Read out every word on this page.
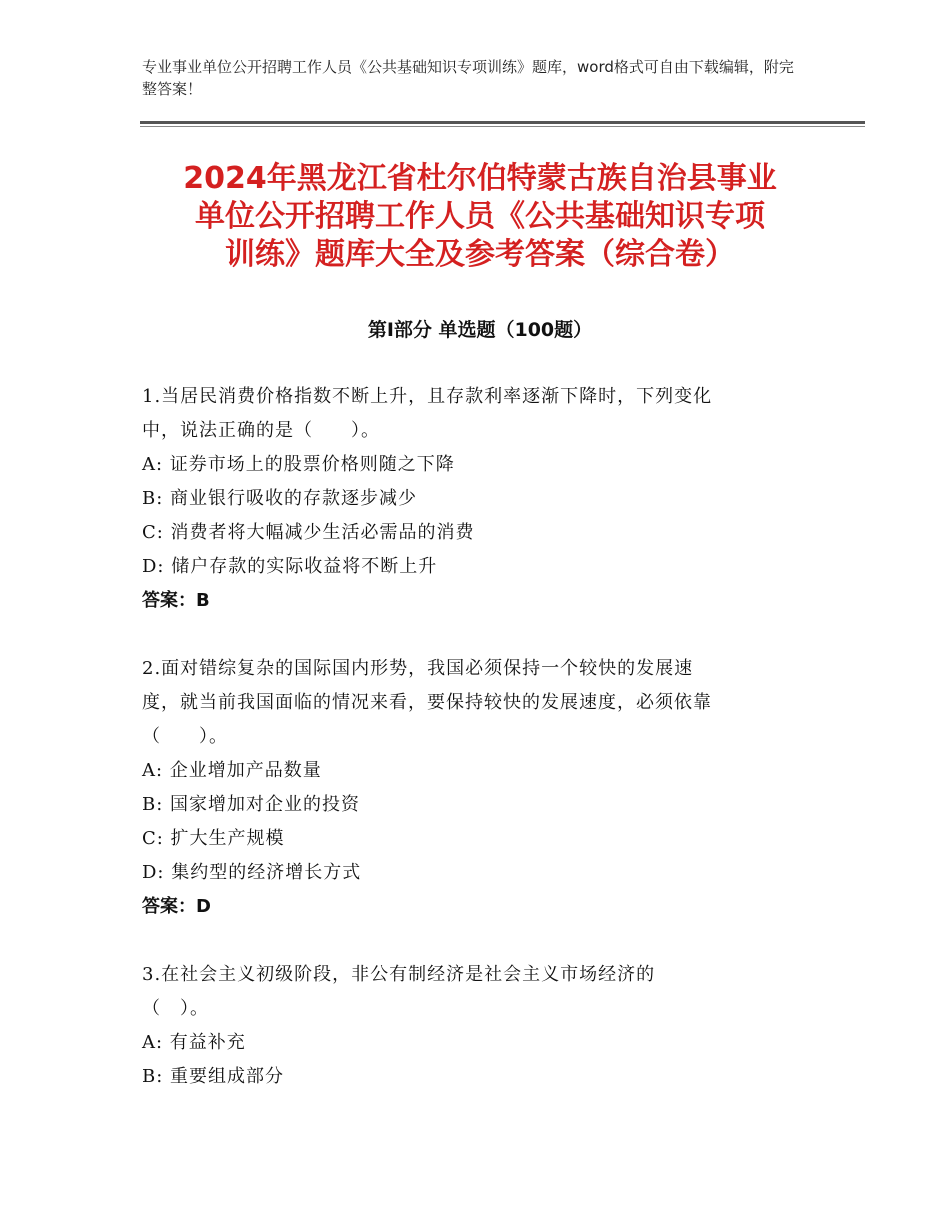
专业事业单位公开招聘工作人员《公共基础知识专项训练》题库，word格式可自由下载编辑，附完整答案！
2024年黑龙江省杜尔伯特蒙古族自治县事业
单位公开招聘工作人员《公共基础知识专项
训练》题库大全及参考答案（综合卷）
第Ⅰ部分 单选题（100题）
1.当居民消费价格指数不断上升，且存款利率逐渐下降时，下列变化
中，说法正确的是（　　）。
A: 证券市场上的股票价格则随之下降
B: 商业银行吸收的存款逐步减少
C: 消费者将大幅减少生活必需品的消费
D: 储户存款的实际收益将不断上升
答案：B
2.面对错综复杂的国际国内形势，我国必须保持一个较快的发展速
度，就当前我国面临的情况来看，要保持较快的发展速度，必须依靠
（　　）。
A: 企业增加产品数量
B: 国家增加对企业的投资
C: 扩大生产规模
D: 集约型的经济增长方式
答案：D
3.在社会主义初级阶段，非公有制经济是社会主义市场经济的
（　）。
A: 有益补充
B: 重要组成部分
